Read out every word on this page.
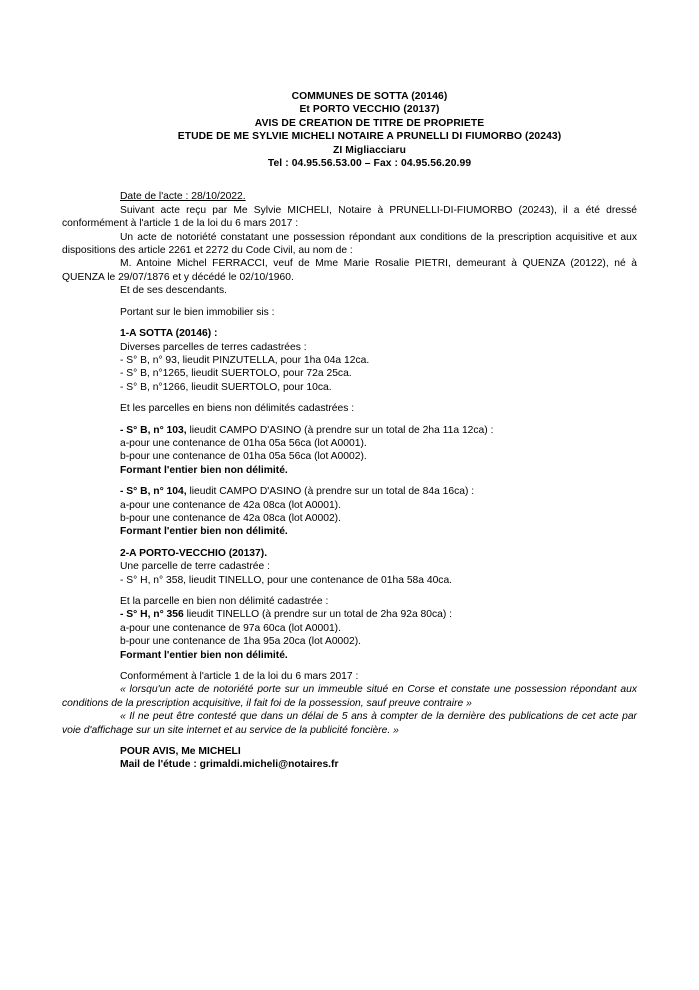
COMMUNES DE SOTTA (20146)

Et PORTO VECCHIO (20137)

AVIS DE CREATION DE TITRE DE PROPRIETE

ETUDE DE ME SYLVIE MICHELI NOTAIRE A PRUNELLI DI FIUMORBO (20243)

ZI Migliacciaru

Tel : 04.95.56.53.00 – Fax : 04.95.56.20.99

Date de l'acte : 28/10/2022.

Suivant acte reçu par Me Sylvie MICHELI, Notaire à PRUNELLI-DI-FIUMORBO (20243), il a été dressé conformément à l'article 1 de la loi du 6 mars 2017 :

Un acte de notoriété constatant une possession répondant aux conditions de la prescription acquisitive et aux dispositions des article 2261 et 2272 du Code Civil, au nom de :

M. Antoine Michel FERRACCI, veuf de Mme Marie Rosalie PIETRI, demeurant à QUENZA (20122), né à QUENZA le 29/07/1876 et y décédé le 02/10/1960.

Et de ses descendants.

Portant sur le bien immobilier sis :

1-A SOTTA (20146) :

Diverses parcelles de terres cadastrées :

- S° B, n° 93, lieudit PINZUTELLA, pour 1ha 04a 12ca.

- S° B, n°1265, lieudit SUERTOLO, pour 72a 25ca.

- S° B, n°1266, lieudit SUERTOLO, pour 10ca.

Et les parcelles en biens non délimités cadastrées :

- S° B, n° 103, lieudit CAMPO D'ASINO (à prendre sur un total de 2ha 11a 12ca) :

a-pour une contenance de 01ha 05a 56ca (lot A0001).

b-pour une contenance de 01ha 05a 56ca (lot A0002).

Formant l'entier bien non délimité.

- S° B, n° 104, lieudit CAMPO D'ASINO (à prendre sur un total de 84a 16ca) :

a-pour une contenance de 42a 08ca (lot A0001).

b-pour une contenance de 42a 08ca (lot A0002).

Formant l'entier bien non délimité.

2-A PORTO-VECCHIO (20137).

Une parcelle de terre cadastrée :

- S° H, n° 358, lieudit TINELLO, pour une contenance de 01ha 58a 40ca.

Et la parcelle en bien non délimité cadastrée :

- S° H, n° 356 lieudit TINELLO (à prendre sur un total de 2ha 92a 80ca) :

a-pour une contenance de 97a 60ca (lot A0001).

b-pour une contenance de 1ha 95a 20ca (lot A0002).

Formant l'entier bien non délimité.

Conformément à l'article 1 de la loi du 6 mars 2017 :

« lorsqu'un acte de notoriété porte sur un immeuble situé en Corse et constate une possession répondant aux conditions de la prescription acquisitive, il fait foi de la possession, sauf preuve contraire »

« Il ne peut être contesté que dans un délai de 5 ans à compter de la dernière des publications de cet acte par voie d'affichage sur un site internet et au service de la publicité foncière. »

POUR AVIS, Me MICHELI

Mail de l'étude : grimaldi.micheli@notaires.fr
